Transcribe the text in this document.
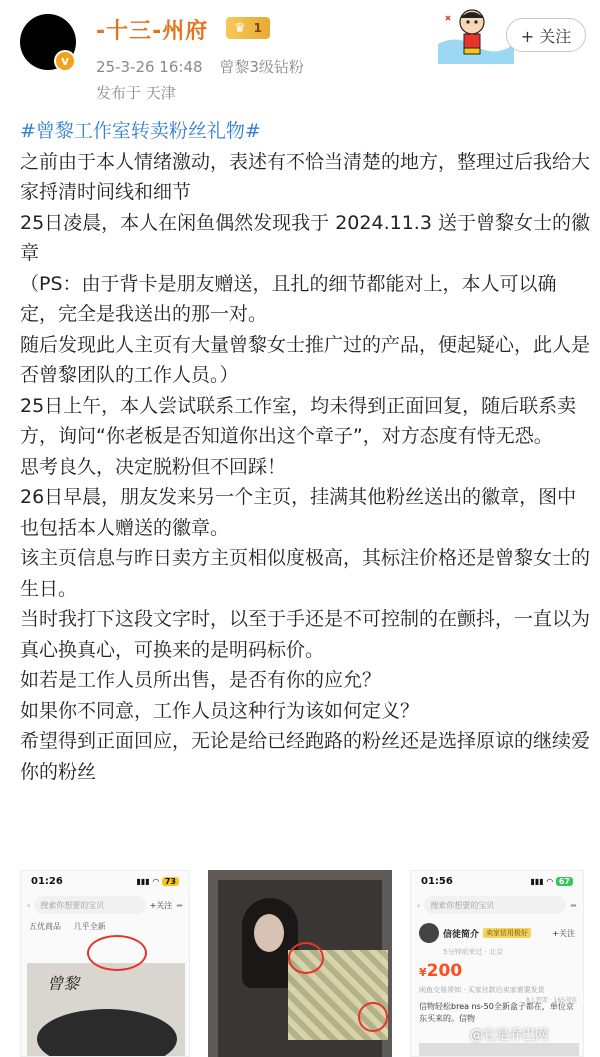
v
-十三-州府 ♛ 1
25-3-26 16:48 曾黎3级钻粉
发布于 天津
+ 关注

#曾黎工作室转卖粉丝礼物#

之前由于本人情绪激动，表述有不恰当清楚的地方，整理过后我给大家捋清时间线和细节

25日凌晨，本人在闲鱼偶然发现我于 2024.11.3 送于曾黎女士的徽章

（PS：由于背卡是朋友赠送，且扎的细节都能对上，本人可以确定，完全是我送出的那一对。

随后发现此人主页有大量曾黎女士推广过的产品，便起疑心，此人是否曾黎团队的工作人员。）

25日上午，本人尝试联系工作室，均未得到正面回复，随后联系卖方，询问“你老板是否知道你出这个章子”，对方态度有恃无恐。

思考良久，决定脱粉但不回踩！

26日早晨，朋友发来另一个主页，挂满其他粉丝送出的徽章，图中也包括本人赠送的徽章。

该主页信息与昨日卖方主页相似度极高，其标注价格还是曾黎女士的生日。

当时我打下这段文字时，以至于手还是不可控制的在颤抖，一直以为真心换真心，可换来的是明码标价。

如若是工作人员所出售，是否有你的应允？

如果你不同意，工作人员这种行为该如何定义？

希望得到正面回应，无论是给已经跑路的粉丝还是选择原谅的继续爱你的粉丝

01:26	▮▮▮ ◠ 73
‹	搜索你想要的宝贝	+关注 ➦
五优商品 几乎全新
曾黎
01:56	▮▮▮ ◠ 67
‹	搜索你想要的宝贝	➦
信徒简介	卖家信用极好	+关注
5分钟前来过 · 北京
¥200
8人想要 · 165浏览
闲鱼交易须知 · 买家付款后卖家需要发货
信物轻松brea ns-50全新盒子都在，单位京东买来的。信物
@它是乔巴网
